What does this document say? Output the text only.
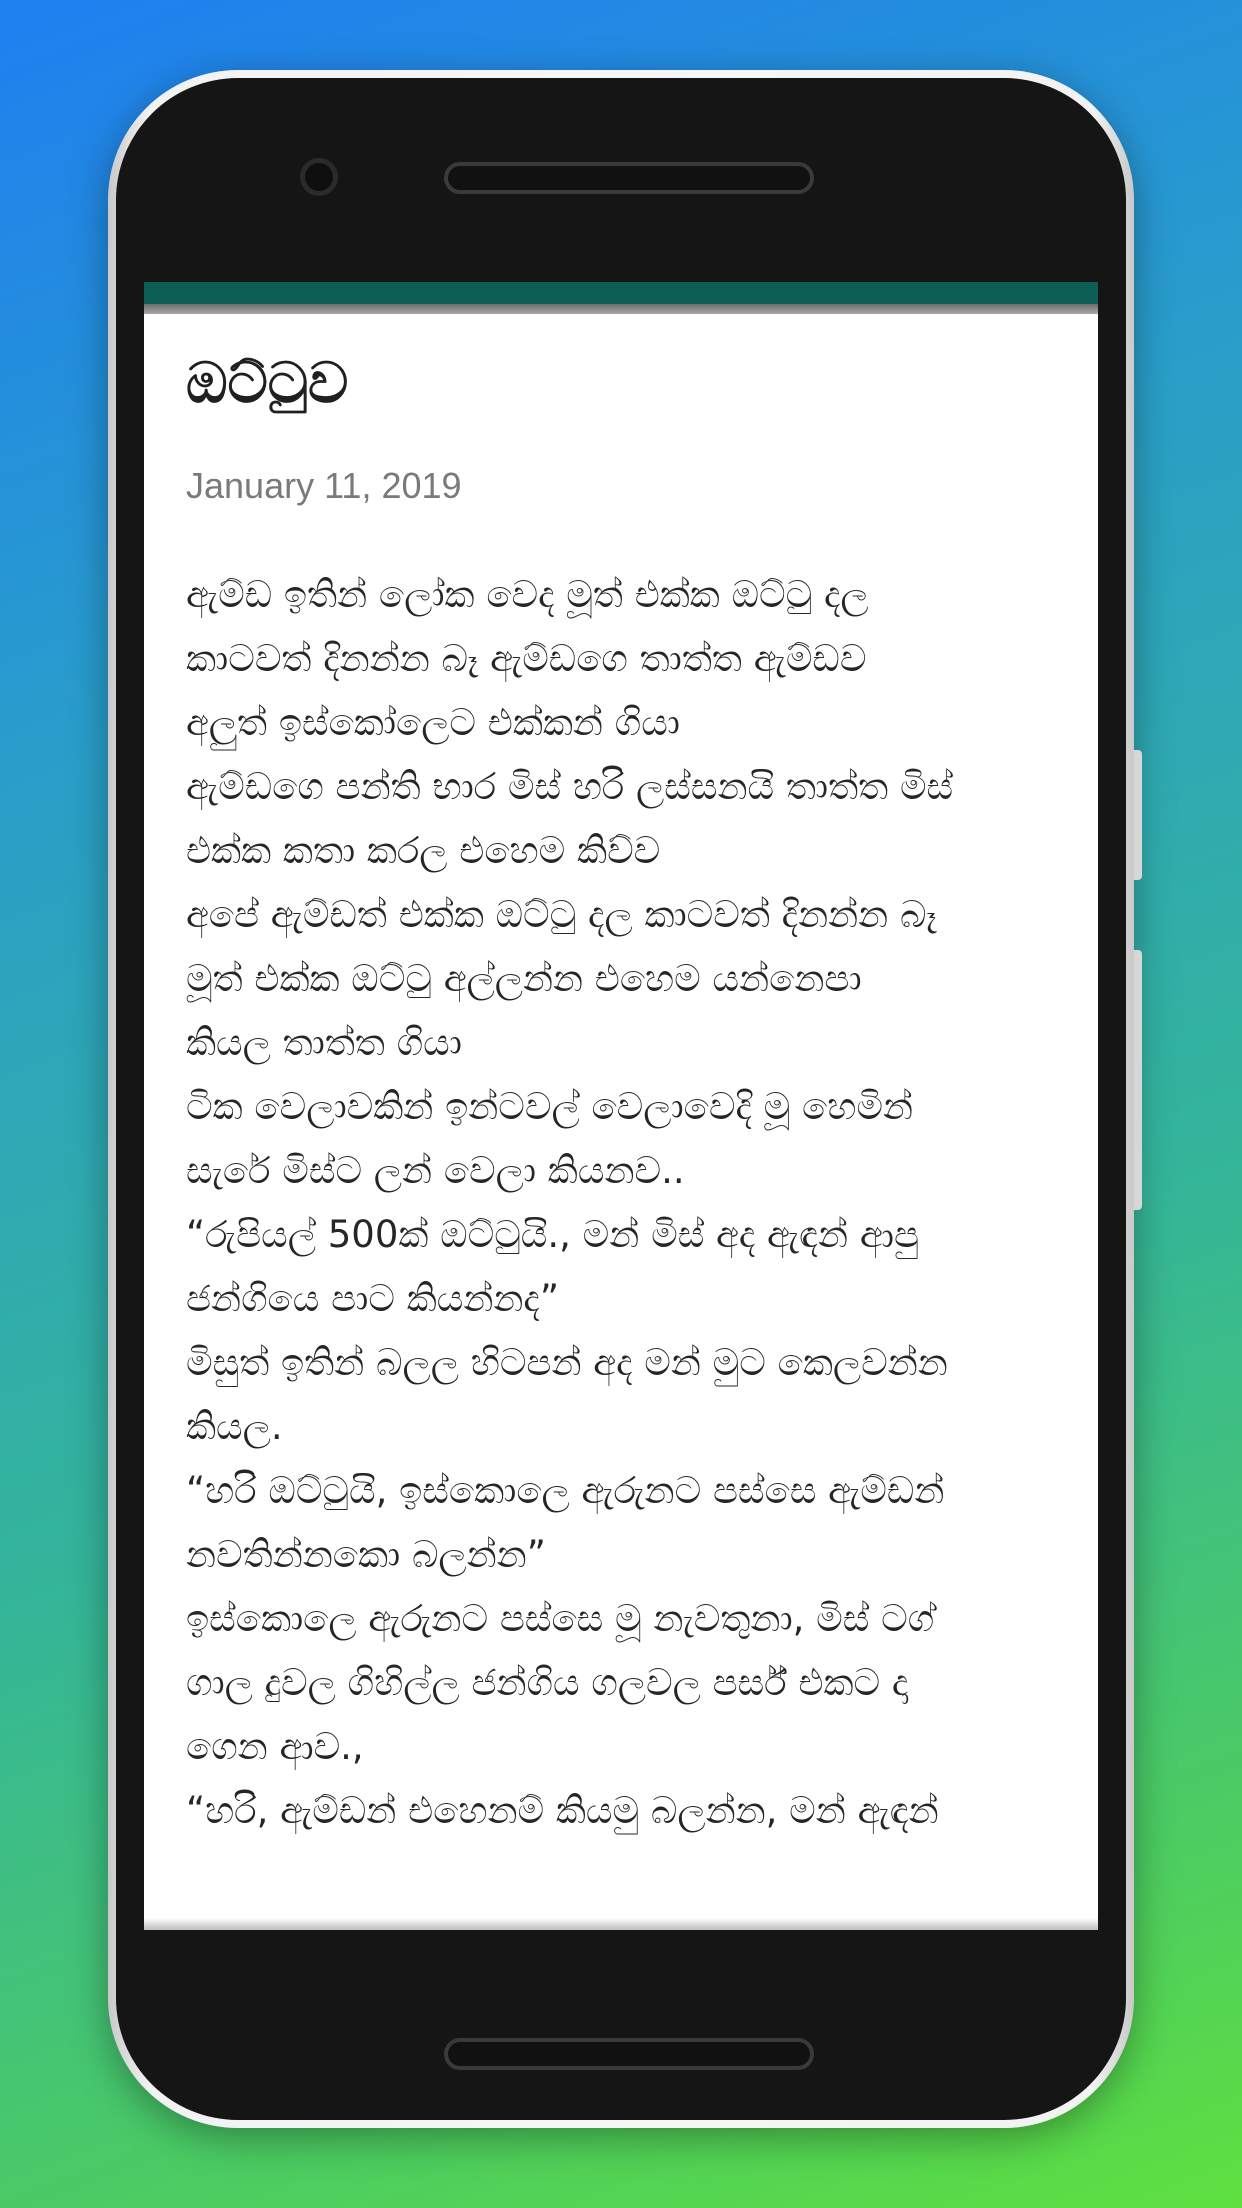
ඔට්ටුව
January 11, 2019
ඇම්ඩ ඉතින් ලෝක වෙද මූත් එක්ක ඔට්ටු දල
කාටවත් දිනන්න බෑ ඇම්ඩගෙ තාත්ත ඇම්ඩව
අලුත් ඉස්කෝලෙට එක්කන් ගියා
ඇම්ඩගෙ පන්ති භාර මිස් හරි ලස්සනයි තාත්ත මිස්
එක්ක කතා කරල එහෙම කිව්ව
අපේ ඇම්ඩත් එක්ක ඔට්ටු දල කාටවත් දිනන්න බෑ
මූත් එක්ක ඔට්ටු අල්ලන්න එහෙම යන්නෙපා
කියල තාත්ත ගියා
ටික වෙලාවකින් ඉන්ටවල් වෙලාවෙදි මූ හෙමින්
සැරේ මිස්ට ලන් වෙලා කියනව..
“රුපියල් 500ක් ඔට්ටුයි., මන් මිස් අද ඇඳන් ආපු
ජන්ගියෙ පාට කියන්නද”
මිසුත් ඉතින් බලල හිටපන් අද මන් මුට කෙලවන්න
කියල.
“හරි ඔට්ටුයි, ඉස්කොලෙ ඇරුනට පස්සෙ ඇම්ඩන්
නවතින්නකො බලන්න”
ඉස්කොලෙ ඇරුනට පස්සෙ මූ නැවතුනා, මිස් ටග්
ගාල දුවල ගිහිල්ල ජන්ගිය ගලවල පර්ස් එකට දා
ගෙන ආව.,
“හරි, ඇම්ඩන් එහෙනම් කියමු බලන්න, මන් ඇඳන්
